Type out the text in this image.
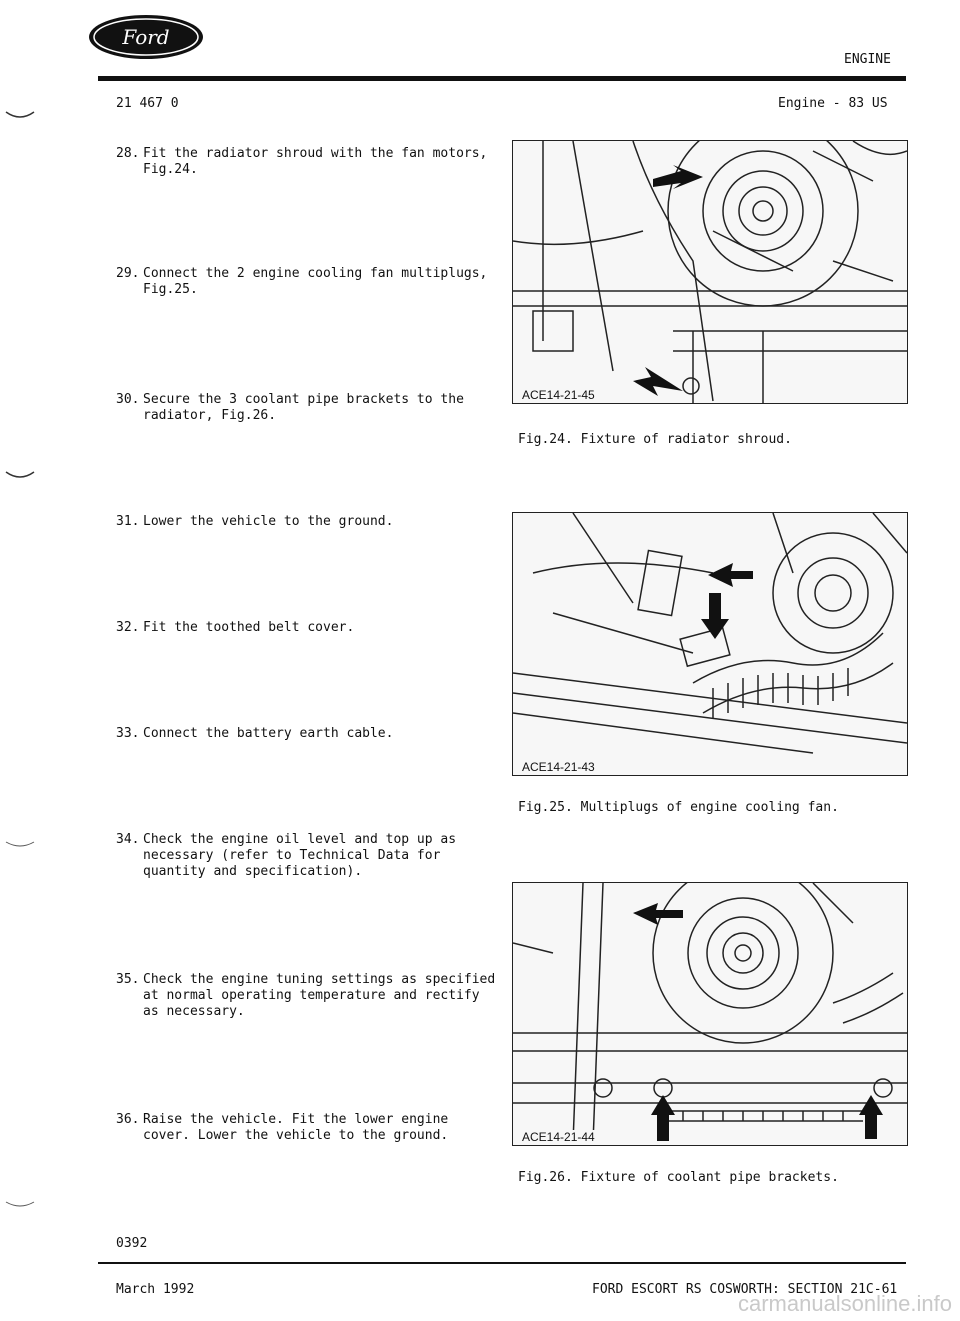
Ford
ENGINE
21 467 0	Engine - 83 US
28. Fit the radiator shroud with the fan motors,
Fig.24.
29. Connect the 2 engine cooling fan multiplugs,
Fig.25.
30. Secure the 3 coolant pipe brackets to the
radiator, Fig.26.
31. Lower the vehicle to the ground.
32. Fit the toothed belt cover.
33. Connect the battery earth cable.
34. Check the engine oil level and top up as
necessary (refer to Technical Data for
quantity and specification).
35. Check the engine tuning settings as specified
at normal operating temperature and rectify
as necessary.
36. Raise the vehicle. Fit the lower engine
cover. Lower the vehicle to the ground.
ACE14-21-45
Fig.24. Fixture of radiator shroud.
ACE14-21-43
Fig.25. Multiplugs of engine cooling fan.
ACE14-21-44
Fig.26. Fixture of coolant pipe brackets.
0392
March 1992	FORD ESCORT RS COSWORTH: SECTION 21C-61
carmanualsonline.info
